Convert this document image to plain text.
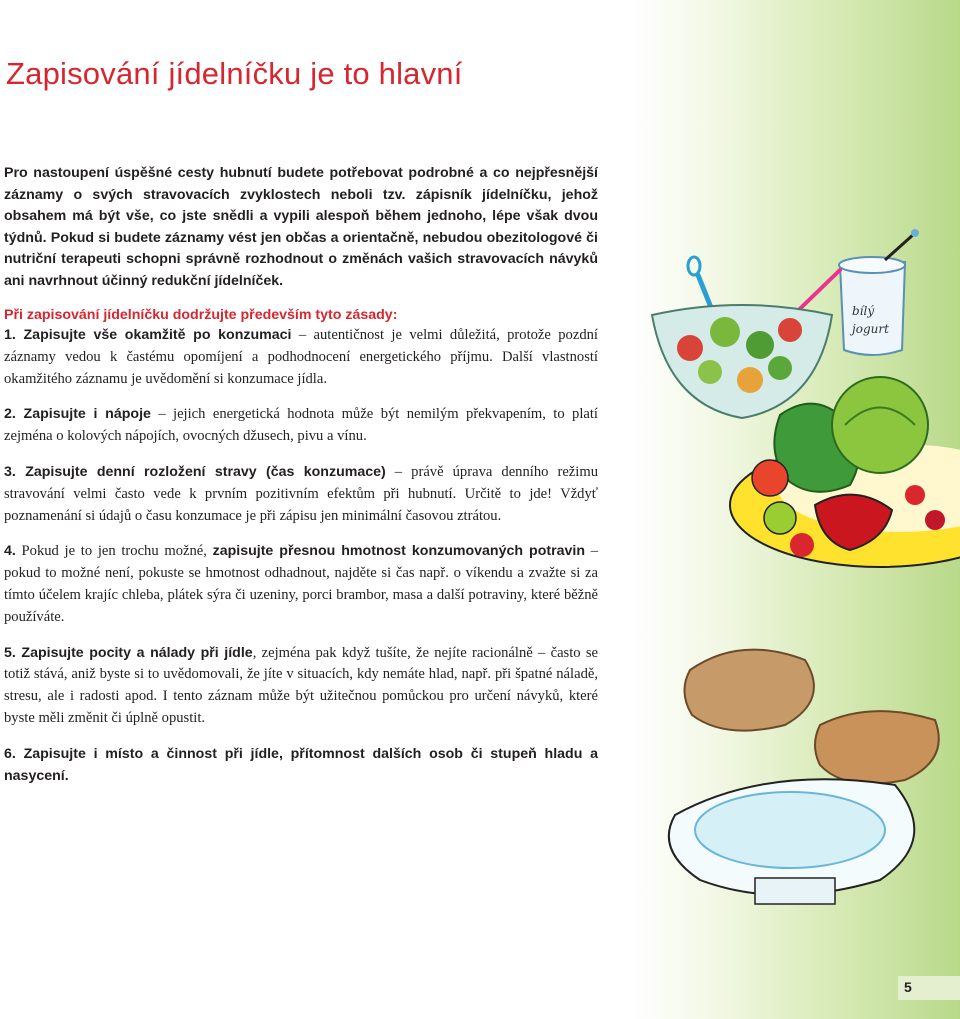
Zapisování jídelníčku je to hlavní

Pro nastoupení úspěšné cesty hubnutí budete potřebovat podrobné a co nejpřesnější záznamy o svých stravovacích zvyklostech neboli tzv. zápisník jídelníčku, jehož obsahem má být vše, co jste snědli a vypili alespoň během jednoho, lépe však dvou týdnů. Pokud si budete záznamy vést jen občas a orientačně, nebudou obezitologové či nutriční terapeuti schopni správně rozhodnout o změnách vašich stravovacích návyků ani navrhnout účinný redukční jídelníček.

Při zapisování jídelníčku dodržujte především tyto zásady:

1. Zapisujte vše okamžitě po konzumaci – autentičnost je velmi důležitá, protože pozdní záznamy vedou k častému opomíjení a podhodnocení energetického příjmu. Další vlastností okamžitého záznamu je uvědomění si konzumace jídla.

2. Zapisujte i nápoje – jejich energetická hodnota může být nemilým překvapením, to platí zejména o kolových nápojích, ovocných džusech, pivu a vínu.

3. Zapisujte denní rozložení stravy (čas konzumace) – právě úprava denního režimu stravování velmi často vede k prvním pozitivním efektům při hubnutí. Určitě to jde! Vždyť poznamenání si údajů o času konzumace je při zápisu jen minimální časovou ztrátou.

4. Pokud je to jen trochu možné, zapisujte přesnou hmotnost konzumovaných potravin – pokud to možné není, pokuste se hmotnost odhadnout, najděte si čas např. o víkendu a zvažte si za tímto účelem krajíc chleba, plátek sýra či uzeniny, porci brambor, masa a další potraviny, které běžně používáte.

5. Zapisujte pocity a nálady při jídle, zejména pak když tušíte, že nejíte racionálně – často se totiž stává, aniž byste si to uvědomovali, že jíte v situacích, kdy nemáte hlad, např. při špatné náladě, stresu, ale i radosti apod. I tento záznam může být užitečnou pomůckou pro určení návyků, které byste měli změnit či úplně opustit.

6. Zapisujte i místo a činnost při jídle, přítomnost dalších osob či stupeň hladu a nasycení.

bílý
jogurt
5
